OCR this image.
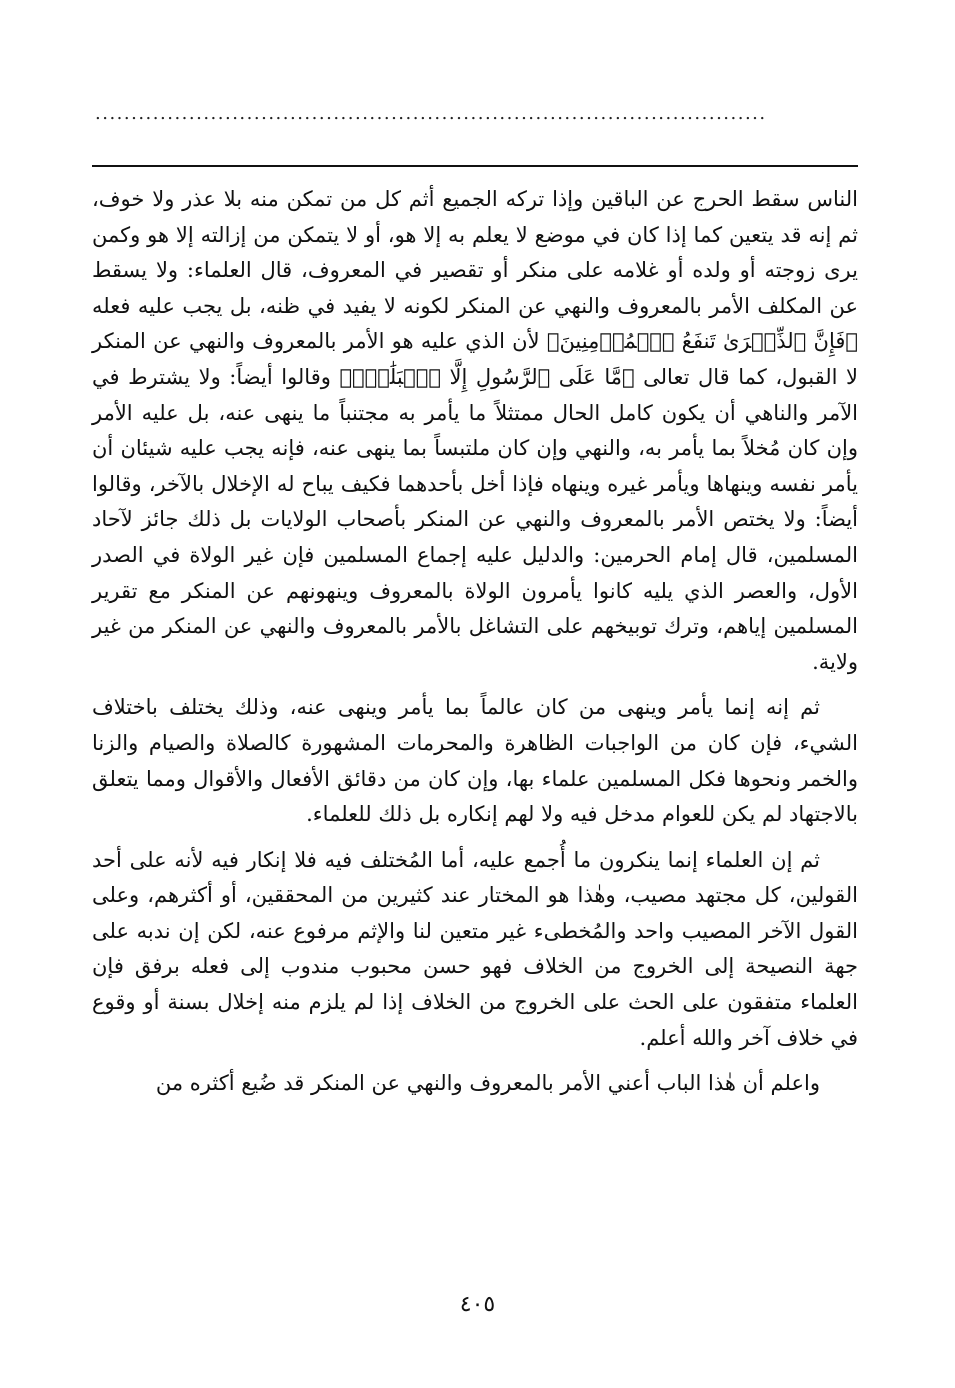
.............................................................................................

الناس سقط الحرج عن الباقين وإذا تركه الجميع أثم كل من تمكن منه بلا عذر ولا خوف، ثم إنه قد يتعين كما إذا كان في موضع لا يعلم به إلا هو، أو لا يتمكن من إزالته إلا هو وكمن يرى زوجته أو ولده أو غلامه على منكر أو تقصير في المعروف، قال العلماء: ولا يسقط عن المكلف الأمر بالمعروف والنهي عن المنكر لكونه لا يفيد في ظنه، بل يجب عليه فعله ﴿فَإِنَّ ٱلذِّكۡرَىٰ تَنفَعُ ٱلۡمُؤۡمِنِينَ﴾ لأن الذي عليه هو الأمر بالمعروف والنهي عن المنكر لا القبول، كما قال تعالى ﴿مَّا عَلَى ٱلرَّسُولِ إِلَّا ٱلۡبَلَٰغُۚ﴾ وقالوا أيضاً: ولا يشترط في الآمر والناهي أن يكون كامل الحال ممتثلاً ما يأمر به مجتنباً ما ينهى عنه، بل عليه الأمر وإن كان مُخلاً بما يأمر به، والنهي وإن كان ملتبساً بما ينهى عنه، فإنه يجب عليه شيئان أن يأمر نفسه وينهاها ويأمر غيره وينهاه فإذا أخل بأحدهما فكيف يباح له الإخلال بالآخر، وقالوا أيضاً: ولا يختص الأمر بالمعروف والنهي عن المنكر بأصحاب الولايات بل ذلك جائز لآحاد المسلمين، قال إمام الحرمين: والدليل عليه إجماع المسلمين فإن غير الولاة في الصدر الأول، والعصر الذي يليه كانوا يأمرون الولاة بالمعروف وينهونهم عن المنكر مع تقرير المسلمين إياهم، وترك توبيخهم على التشاغل بالأمر بالمعروف والنهي عن المنكر من غير ولاية.

ثم إنه إنما يأمر وينهى من كان عالماً بما يأمر وينهى عنه، وذلك يختلف باختلاف الشيء، فإن كان من الواجبات الظاهرة والمحرمات المشهورة كالصلاة والصيام والزنا والخمر ونحوها فكل المسلمين علماء بها، وإن كان من دقائق الأفعال والأقوال ومما يتعلق بالاجتهاد لم يكن للعوام مدخل فيه ولا لهم إنكاره بل ذلك للعلماء.

ثم إن العلماء إنما ينكرون ما أُجمع عليه، أما المُختلف فيه فلا إنكار فيه لأنه على أحد القولين، كل مجتهد مصيب، وهٰذا هو المختار عند كثيرين من المحققين، أو أكثرهم، وعلى القول الآخر المصيب واحد والمُخطىء غير متعين لنا والإثم مرفوع عنه، لكن إن ندبه على جهة النصيحة إلى الخروج من الخلاف فهو حسن محبوب مندوب إلى فعله برفق فإن العلماء متفقون على الحث على الخروج من الخلاف إذا لم يلزم منه إخلال بسنة أو وقوع في خلاف آخر والله أعلم.

واعلم أن هٰذا الباب أعني الأمر بالمعروف والنهي عن المنكر قد ضُيع أكثره من

٤٠٥
